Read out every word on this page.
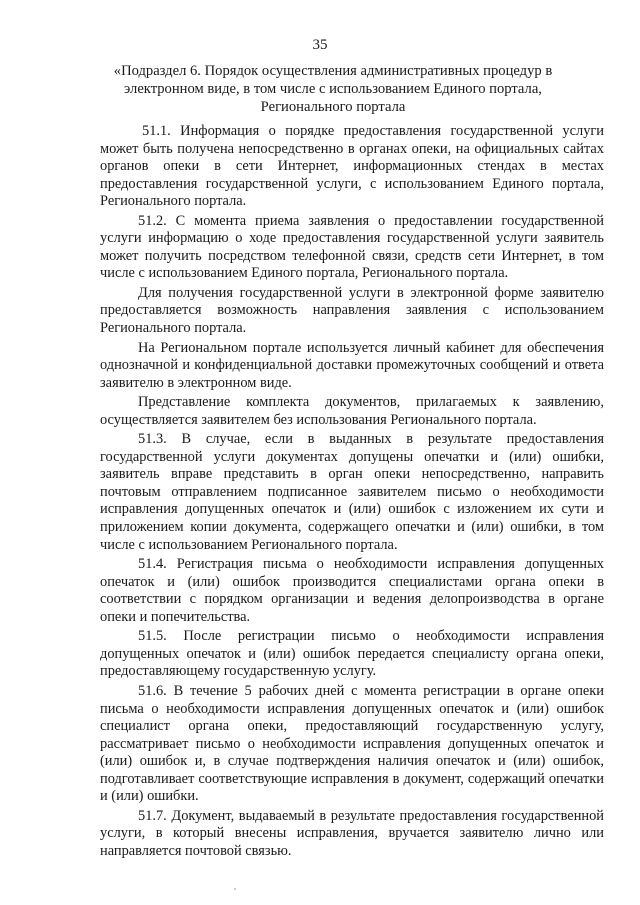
35
«Подраздел 6. Порядок осуществления административных процедур в электронном виде, в том числе с использованием Единого портала, Регионального портала

51.1. Информация о порядке предоставления государственной услуги может быть получена непосредственно в органах опеки, на официальных сайтах органов опеки в сети Интернет, информационных стендах в местах предоставления государственной услуги, с использованием Единого портала, Регионального портала.

51.2. С момента приема заявления о предоставлении государственной услуги информацию о ходе предоставления государственной услуги заявитель может получить посредством телефонной связи, средств сети Интернет, в том числе с использованием Единого портала, Регионального портала.

Для получения государственной услуги в электронной форме заявителю предоставляется возможность направления заявления с использованием Регионального портала.

На Региональном портале используется личный кабинет для обеспечения однозначной и конфиденциальной доставки промежуточных сообщений и ответа заявителю в электронном виде.

Представление комплекта документов, прилагаемых к заявлению, осуществляется заявителем без использования Регионального портала.

51.3. В случае, если в выданных в результате предоставления государственной услуги документах допущены опечатки и (или) ошибки, заявитель вправе представить в орган опеки непосредственно, направить почтовым отправлением подписанное заявителем письмо о необходимости исправления допущенных опечаток и (или) ошибок с изложением их сути и приложением копии документа, содержащего опечатки и (или) ошибки, в том числе с использованием Регионального портала.

51.4. Регистрация письма о необходимости исправления допущенных опечаток и (или) ошибок производится специалистами органа опеки в соответствии с порядком организации и ведения делопроизводства в органе опеки и попечительства.

51.5. После регистрации письмо о необходимости исправления допущенных опечаток и (или) ошибок передается специалисту органа опеки, предоставляющему государственную услугу.

51.6. В течение 5 рабочих дней с момента регистрации в органе опеки письма о необходимости исправления допущенных опечаток и (или) ошибок специалист органа опеки, предоставляющий государственную услугу, рассматривает письмо о необходимости исправления допущенных опечаток и (или) ошибок и, в случае подтверждения наличия опечаток и (или) ошибок, подготавливает соответствующие исправления в документ, содержащий опечатки и (или) ошибки.

51.7. Документ, выдаваемый в результате предоставления государственной услуги, в который внесены исправления, вручается заявителю лично или направляется почтовой связью.
